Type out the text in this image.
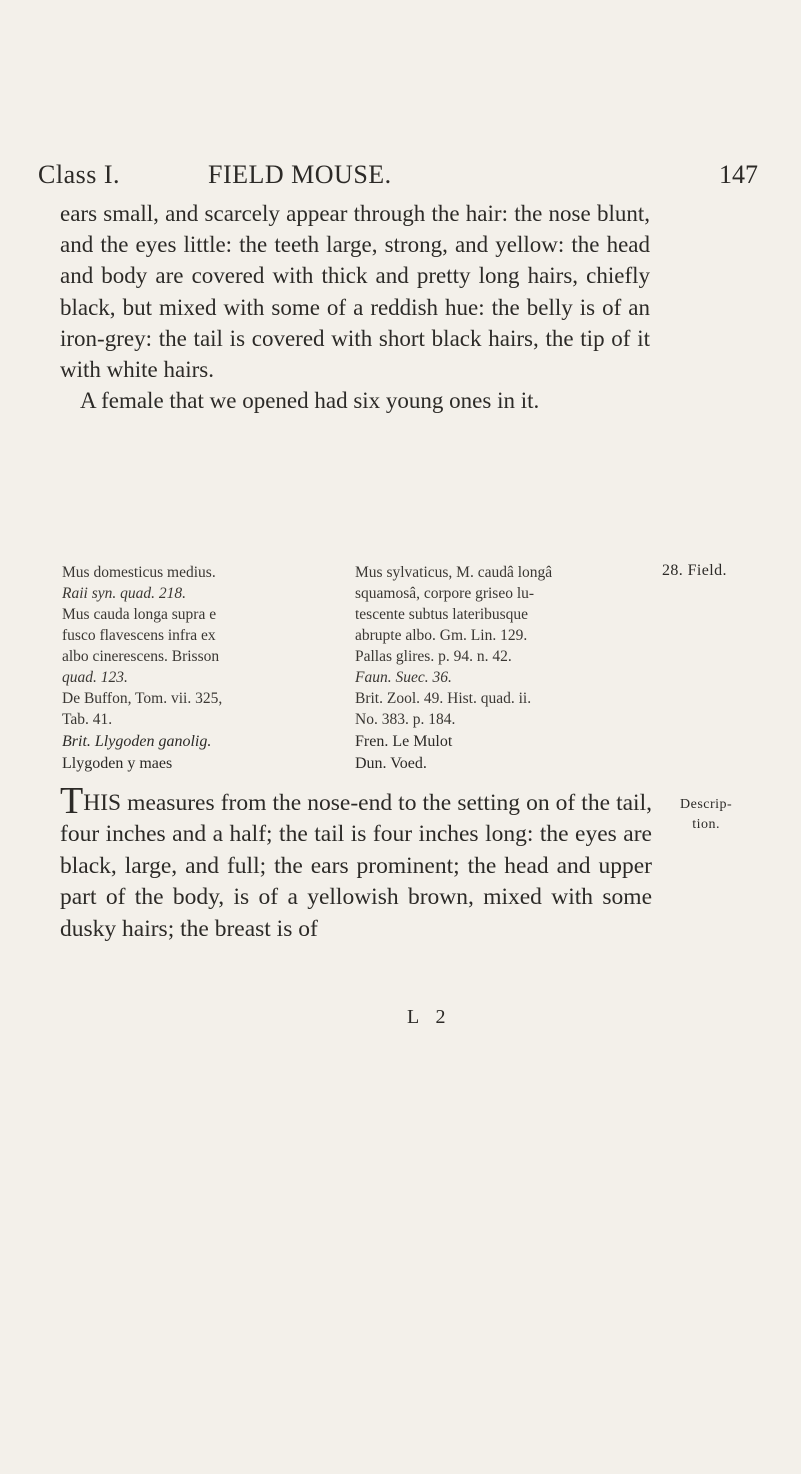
Class I.	FIELD MOUSE.	147

ears small, and scarcely appear through the hair: the nose blunt, and the eyes little: the teeth large, strong, and yellow: the head and body are covered with thick and pretty long hairs, chiefly black, but mixed with some of a reddish hue: the belly is of an iron-grey: the tail is covered with short black hairs, the tip of it with white hairs.

A female that we opened had six young ones in it.

Mus domesticus medius.
Raii syn. quad. 218.
Mus cauda longa supra e
fusco flavescens infra ex
albo cinerescens. Brisson
quad. 123.
De Buffon, Tom. vii. 325,
Tab. 41.
Mus sylvaticus, M. caudâ longâ
squamosâ, corpore griseo lu-
tescente subtus lateribusque
abrupte albo. Gm. Lin. 129.
Pallas glires. p. 94. n. 42.
Faun. Suec. 36.
Brit. Zool. 49. Hist. quad. ii.
No. 383. p. 184.
28. Field.
Brit. Llygoden ganolig.
Llygoden y maes
Fren. Le Mulot
Dun. Voed.
THIS measures from the nose-end to the setting on of the tail, four inches and a half; the tail is four inches long: the eyes are black, large, and full; the ears prominent; the head and upper part of the body, is of a yellowish brown, mixed with some dusky hairs; the breast is of
Descrip-
tion.
L 2
